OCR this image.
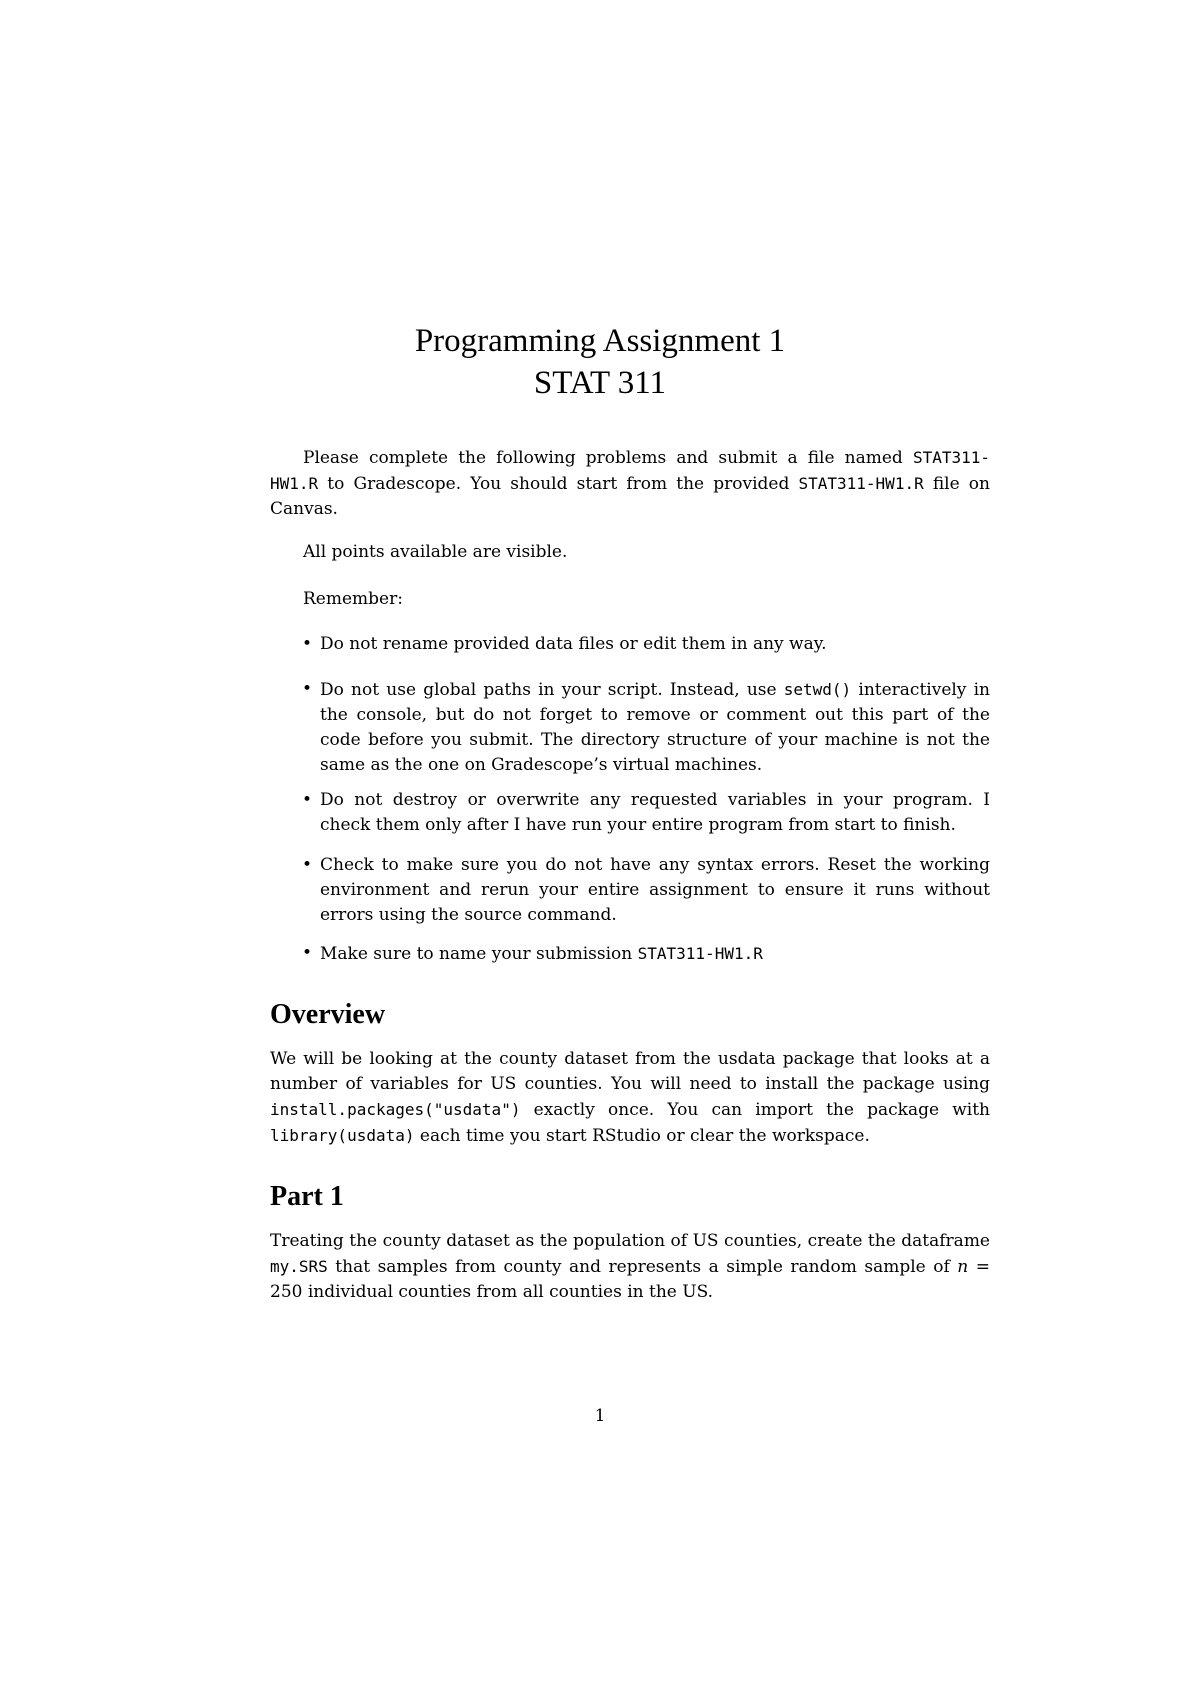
Programming Assignment 1
STAT 311

Please complete the following problems and submit a file named STAT311-HW1.R to Gradescope. You should start from the provided STAT311-HW1.R file on Canvas.

All points available are visible.

Remember:

• Do not rename provided data files or edit them in any way.
• Do not use global paths in your script. Instead, use setwd() interactively in the console, but do not forget to remove or comment out this part of the code before you submit. The directory structure of your machine is not the same as the one on Gradescope’s virtual machines.
• Do not destroy or overwrite any requested variables in your program. I check them only after I have run your entire program from start to finish.
• Check to make sure you do not have any syntax errors. Reset the working environment and rerun your entire assignment to ensure it runs without errors using the source command.
• Make sure to name your submission STAT311-HW1.R
Overview

We will be looking at the county dataset from the usdata package that looks at a number of variables for US counties. You will need to install the package using install.packages("usdata") exactly once. You can import the package with library(usdata) each time you start RStudio or clear the workspace.

Part 1

Treating the county dataset as the population of US counties, create the dataframe my.SRS that samples from county and represents a simple random sample of n = 250 individual counties from all counties in the US.

1
